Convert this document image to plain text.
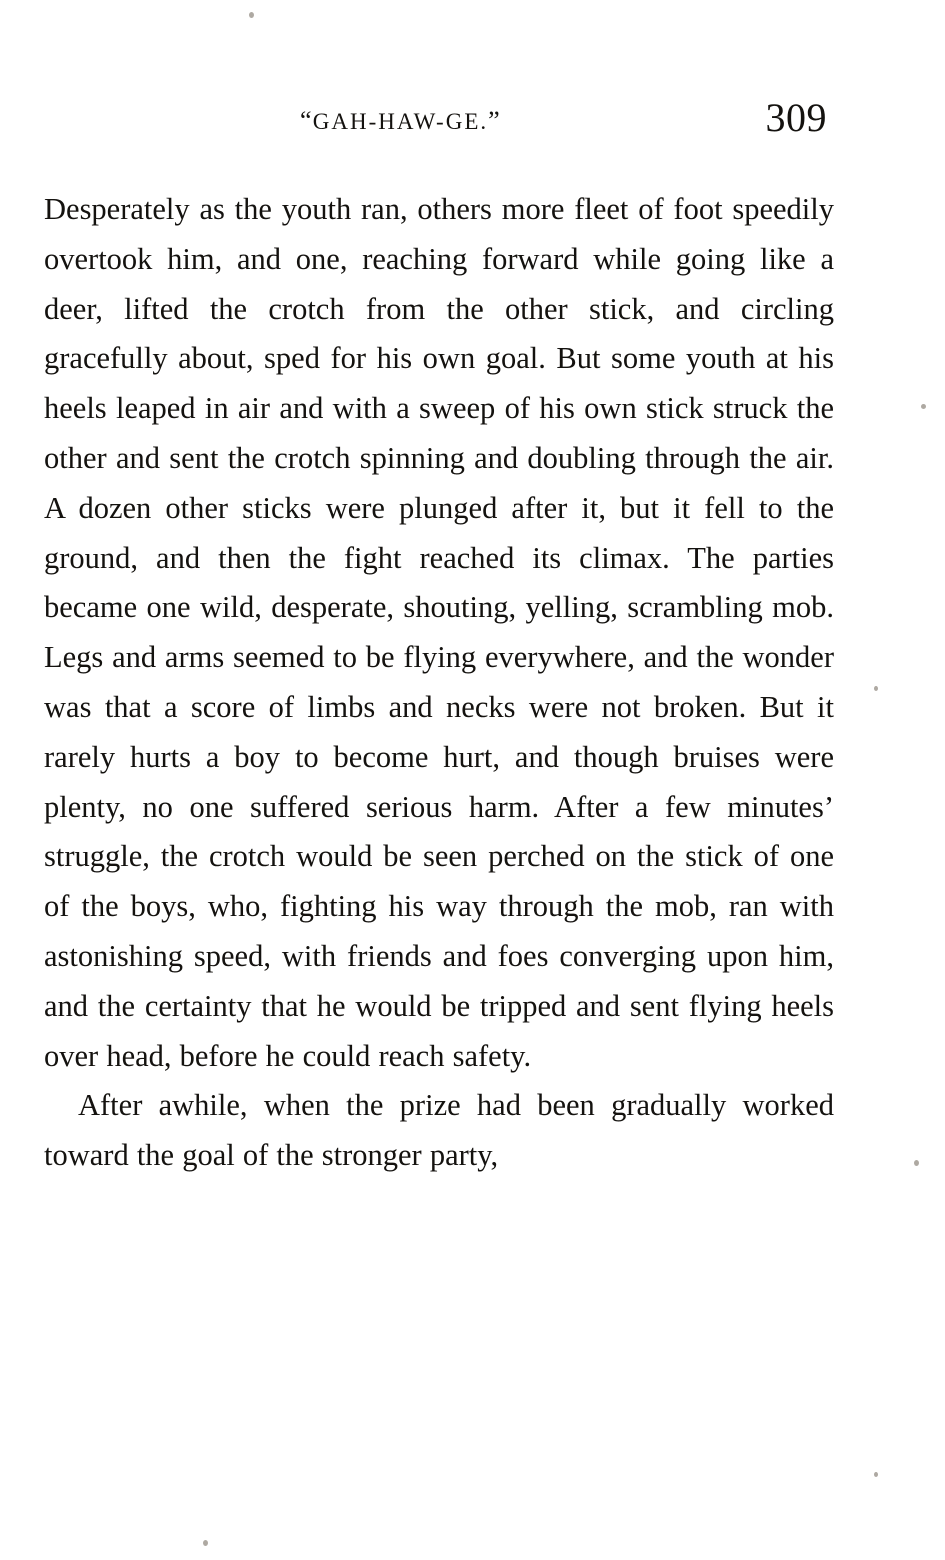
“GAH-HAW-GE.”	309

Desperately as the youth ran, others more fleet of foot speedily overtook him, and one, reaching forward while going like a deer, lifted the crotch from the other stick, and circling gracefully about, sped for his own goal. But some youth at his heels leaped in air and with a sweep of his own stick struck the other and sent the crotch spinning and doubling through the air. A dozen other sticks were plunged after it, but it fell to the ground, and then the fight reached its climax. The parties became one wild, desperate, shouting, yelling, scrambling mob. Legs and arms seemed to be flying everywhere, and the wonder was that a score of limbs and necks were not broken. But it rarely hurts a boy to become hurt, and though bruises were plenty, no one suffered serious harm. After a few minutes’ struggle, the crotch would be seen perched on the stick of one of the boys, who, fighting his way through the mob, ran with astonishing speed, with friends and foes converging upon him, and the certainty that he would be tripped and sent flying heels over head, before he could reach safety.

After awhile, when the prize had been gradually worked toward the goal of the stronger party,
